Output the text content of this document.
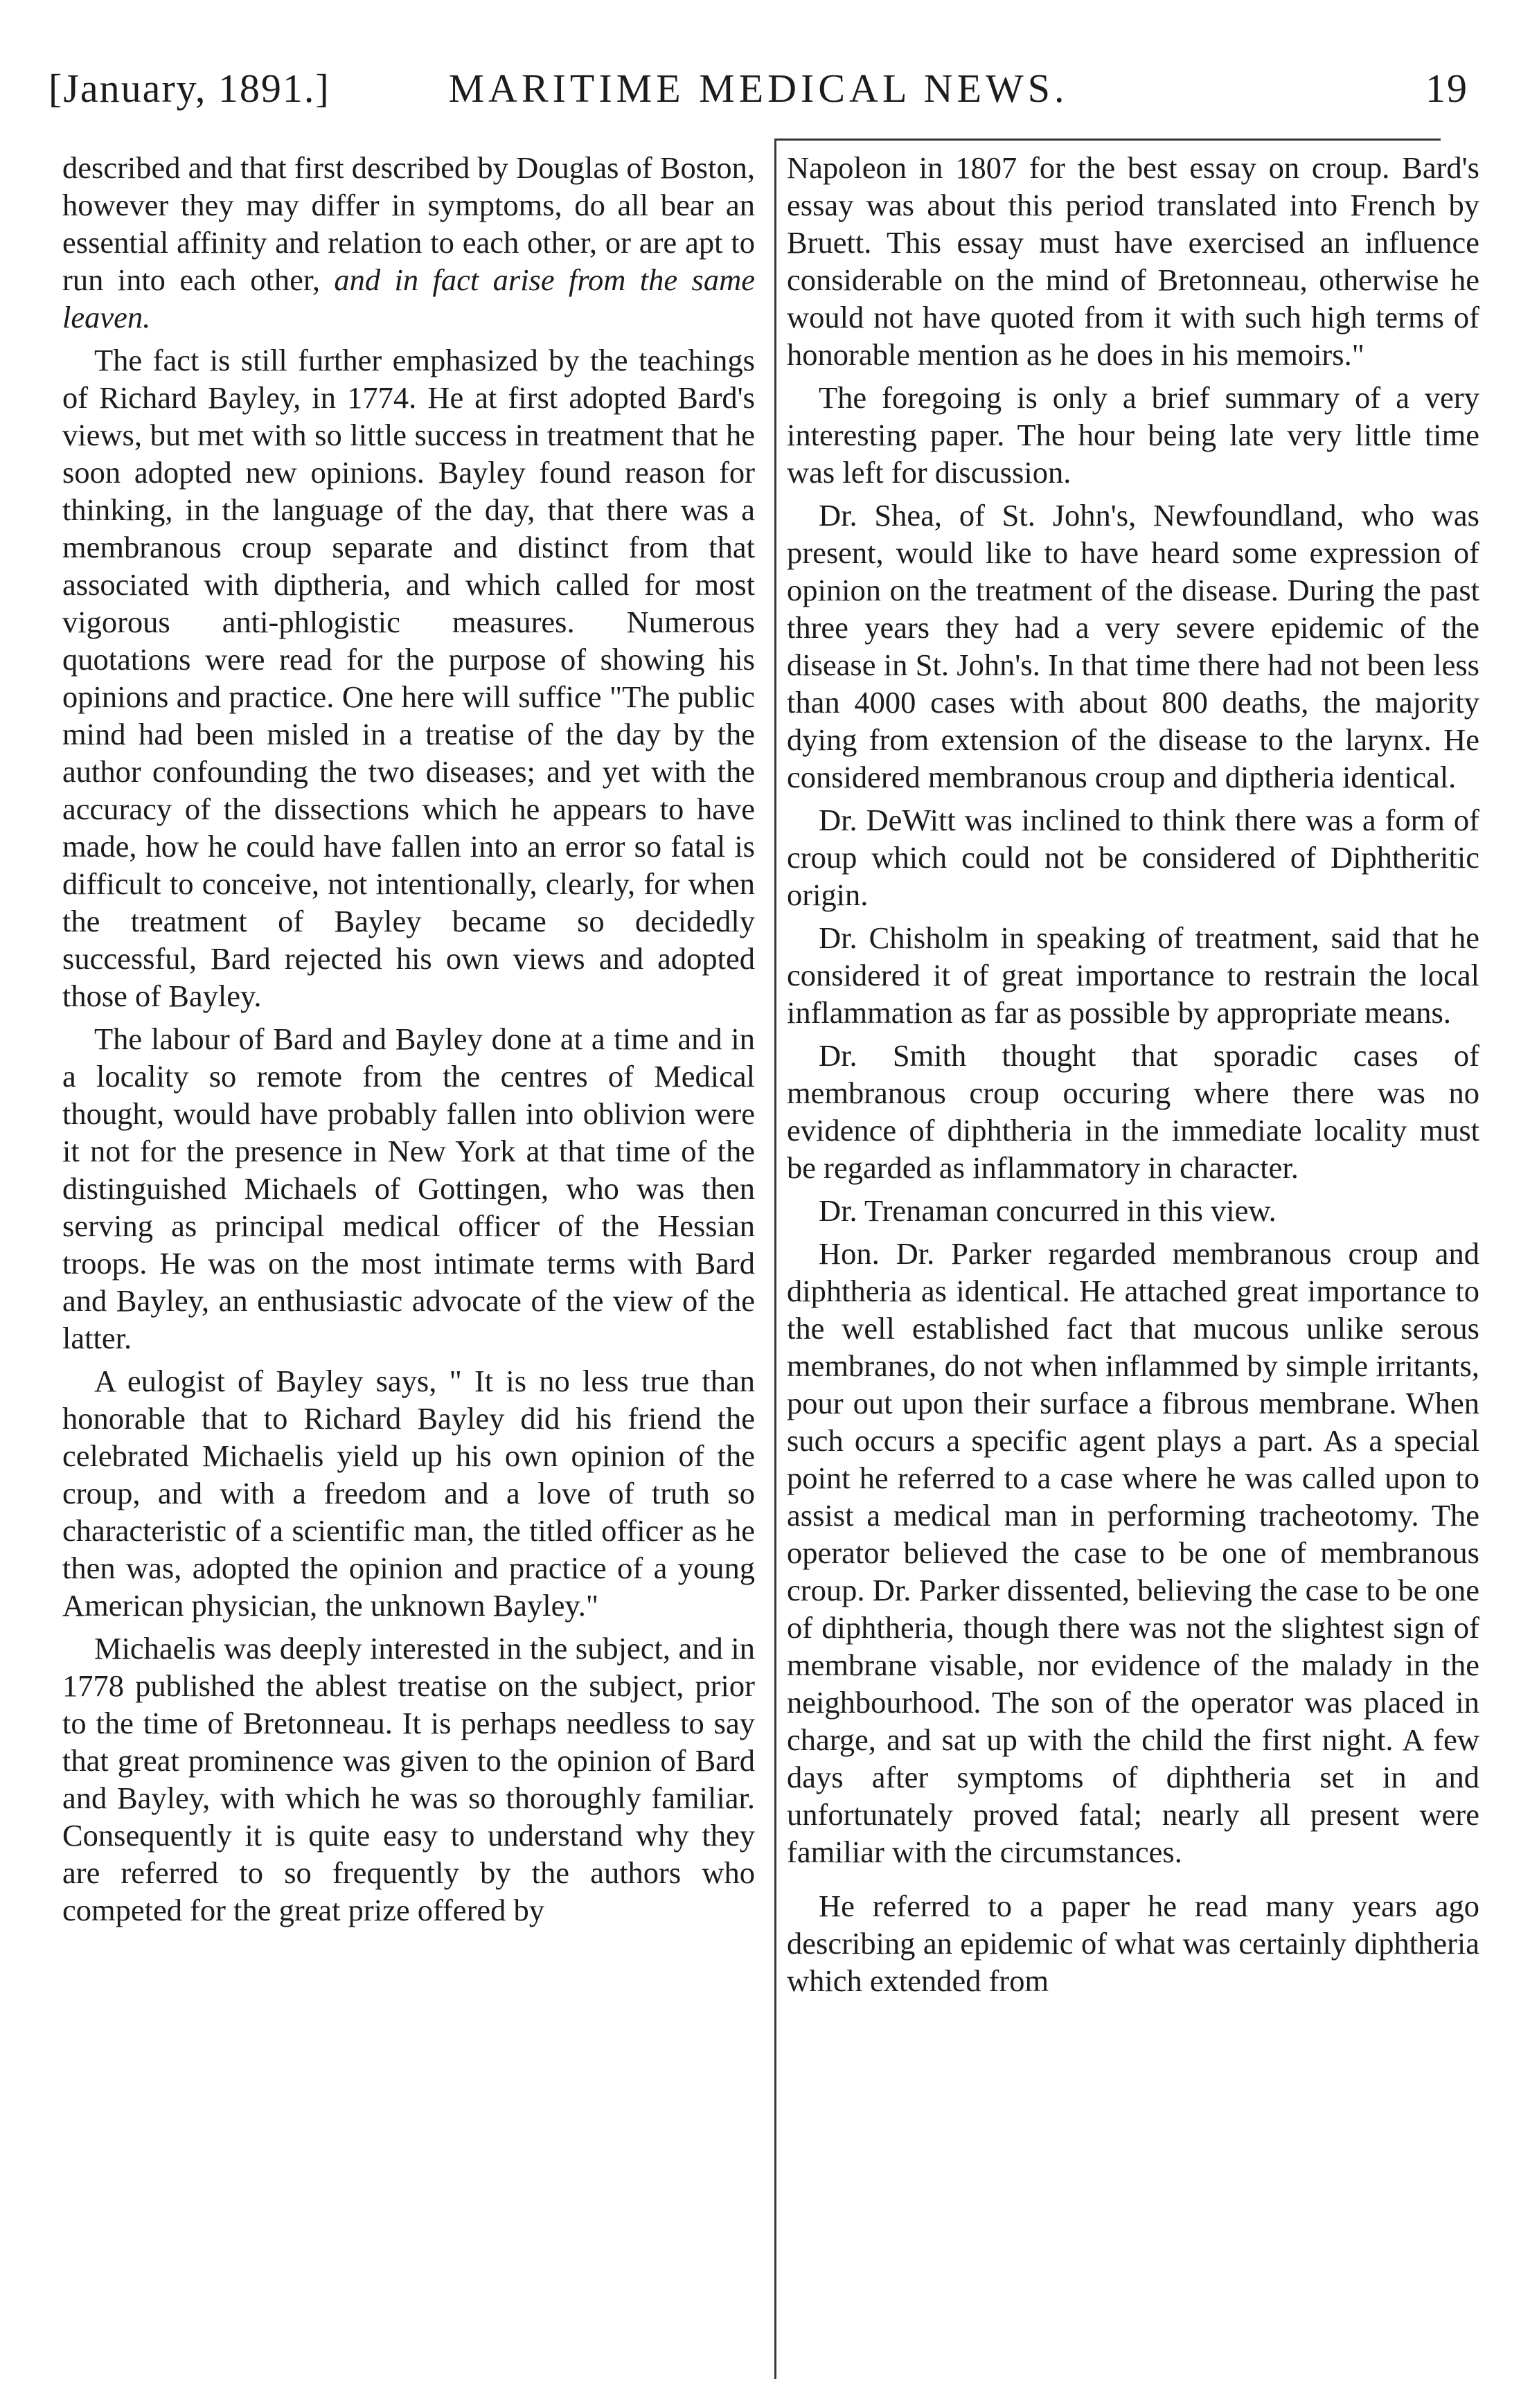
[January, 1891.]	MARITIME MEDICAL NEWS.	19

described and that first described by Douglas of Boston, however they may differ in symptoms, do all bear an essential affinity and relation to each other, or are apt to run into each other, and in fact arise from the same leaven.

The fact is still further emphasized by the teachings of Richard Bayley, in 1774. He at first adopted Bard's views, but met with so little success in treatment that he soon adopted new opinions. Bayley found reason for thinking, in the language of the day, that there was a membranous croup separate and distinct from that associated with diptheria, and which called for most vigorous anti-phlogistic measures. Numerous quotations were read for the purpose of showing his opinions and practice. One here will suffice "The public mind had been misled in a treatise of the day by the author confounding the two diseases; and yet with the accuracy of the dissections which he appears to have made, how he could have fallen into an error so fatal is difficult to conceive, not intentionally, clearly, for when the treatment of Bayley became so decidedly successful, Bard rejected his own views and adopted those of Bayley.

The labour of Bard and Bayley done at a time and in a locality so remote from the centres of Medical thought, would have probably fallen into oblivion were it not for the presence in New York at that time of the distinguished Michaels of Gottingen, who was then serving as principal medical officer of the Hessian troops. He was on the most intimate terms with Bard and Bayley, an enthusiastic advocate of the view of the latter.

A eulogist of Bayley says, " It is no less true than honorable that to Richard Bayley did his friend the celebrated Michaelis yield up his own opinion of the croup, and with a freedom and a love of truth so characteristic of a scientific man, the titled officer as he then was, adopted the opinion and practice of a young American physician, the unknown Bayley."

Michaelis was deeply interested in the subject, and in 1778 published the ablest treatise on the subject, prior to the time of Bretonneau. It is perhaps needless to say that great prominence was given to the opinion of Bard and Bayley, with which he was so thoroughly familiar. Consequently it is quite easy to understand why they are referred to so frequently by the authors who competed for the great prize offered by

Napoleon in 1807 for the best essay on croup. Bard's essay was about this period translated into French by Bruett. This essay must have exercised an influence considerable on the mind of Bretonneau, otherwise he would not have quoted from it with such high terms of honorable mention as he does in his memoirs."

The foregoing is only a brief summary of a very interesting paper. The hour being late very little time was left for discussion.

Dr. Shea, of St. John's, Newfoundland, who was present, would like to have heard some expression of opinion on the treatment of the disease. During the past three years they had a very severe epidemic of the disease in St. John's. In that time there had not been less than 4000 cases with about 800 deaths, the majority dying from extension of the disease to the larynx. He considered membranous croup and diptheria identical.

Dr. DeWitt was inclined to think there was a form of croup which could not be considered of Diphtheritic origin.

Dr. Chisholm in speaking of treatment, said that he considered it of great importance to restrain the local inflammation as far as possible by appropriate means.

Dr. Smith thought that sporadic cases of membranous croup occuring where there was no evidence of diphtheria in the immediate locality must be regarded as inflammatory in character.

Dr. Trenaman concurred in this view.

Hon. Dr. Parker regarded membranous croup and diphtheria as identical. He attached great importance to the well established fact that mucous unlike serous membranes, do not when inflammed by simple irritants, pour out upon their surface a fibrous membrane. When such occurs a specific agent plays a part. As a special point he referred to a case where he was called upon to assist a medical man in performing tracheotomy. The operator believed the case to be one of membranous croup. Dr. Parker dissented, believing the case to be one of diphtheria, though there was not the slightest sign of membrane visable, nor evidence of the malady in the neighbourhood. The son of the operator was placed in charge, and sat up with the child the first night. A few days after symptoms of diphtheria set in and unfortunately proved fatal; nearly all present were familiar with the circumstances.

He referred to a paper he read many years ago describing an epidemic of what was certainly diphtheria which extended from
